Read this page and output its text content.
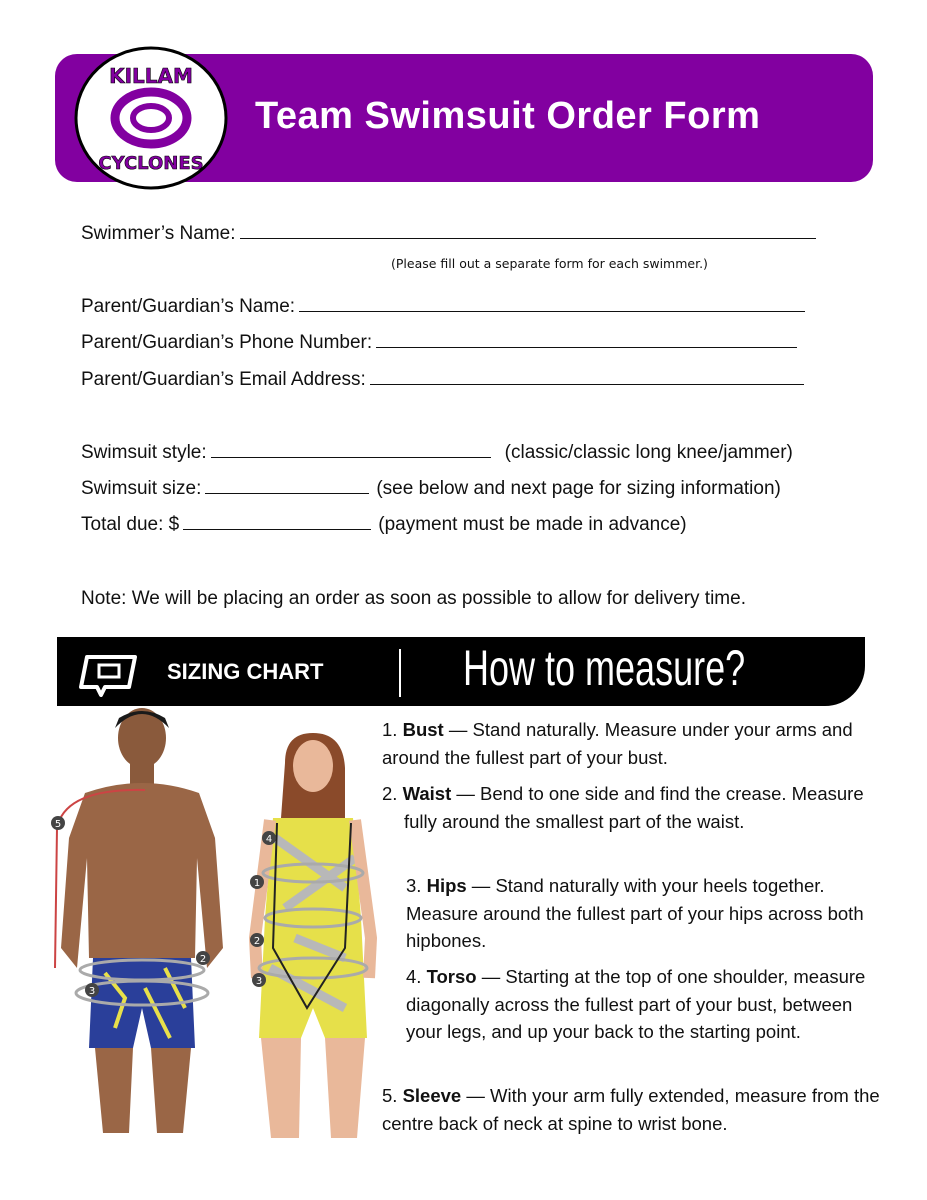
KILLAM
CYCLONES
Team Swimsuit Order Form
Swimmer’s Name:
(Please fill out a separate form for each swimmer.)
Parent/Guardian’s Name:
Parent/Guardian’s Phone Number:
Parent/Guardian’s Email Address:
Swimsuit style:	(classic/classic long knee/jammer)
Swimsuit size:	(see below and next page for sizing information)
Total due: $	(payment must be made in advance)
Note: We will be placing an order as soon as possible to allow for delivery time.
SIZING CHART	How to measure?
5
2
3
4
1
2
3
1. Bust — Stand naturally. Measure under your arms and around the fullest part of your bust.
2. Waist — Bend to one side and find the crease. Measure fully around the smallest part of the waist.
3. Hips — Stand naturally with your heels together. Measure around the fullest part of your hips across both hipbones.
4. Torso — Starting at the top of one shoulder, measure diagonally across the fullest part of your bust, between your legs, and up your back to the starting point.
5. Sleeve — With your arm fully extended, measure from the centre back of neck at spine to wrist bone.
